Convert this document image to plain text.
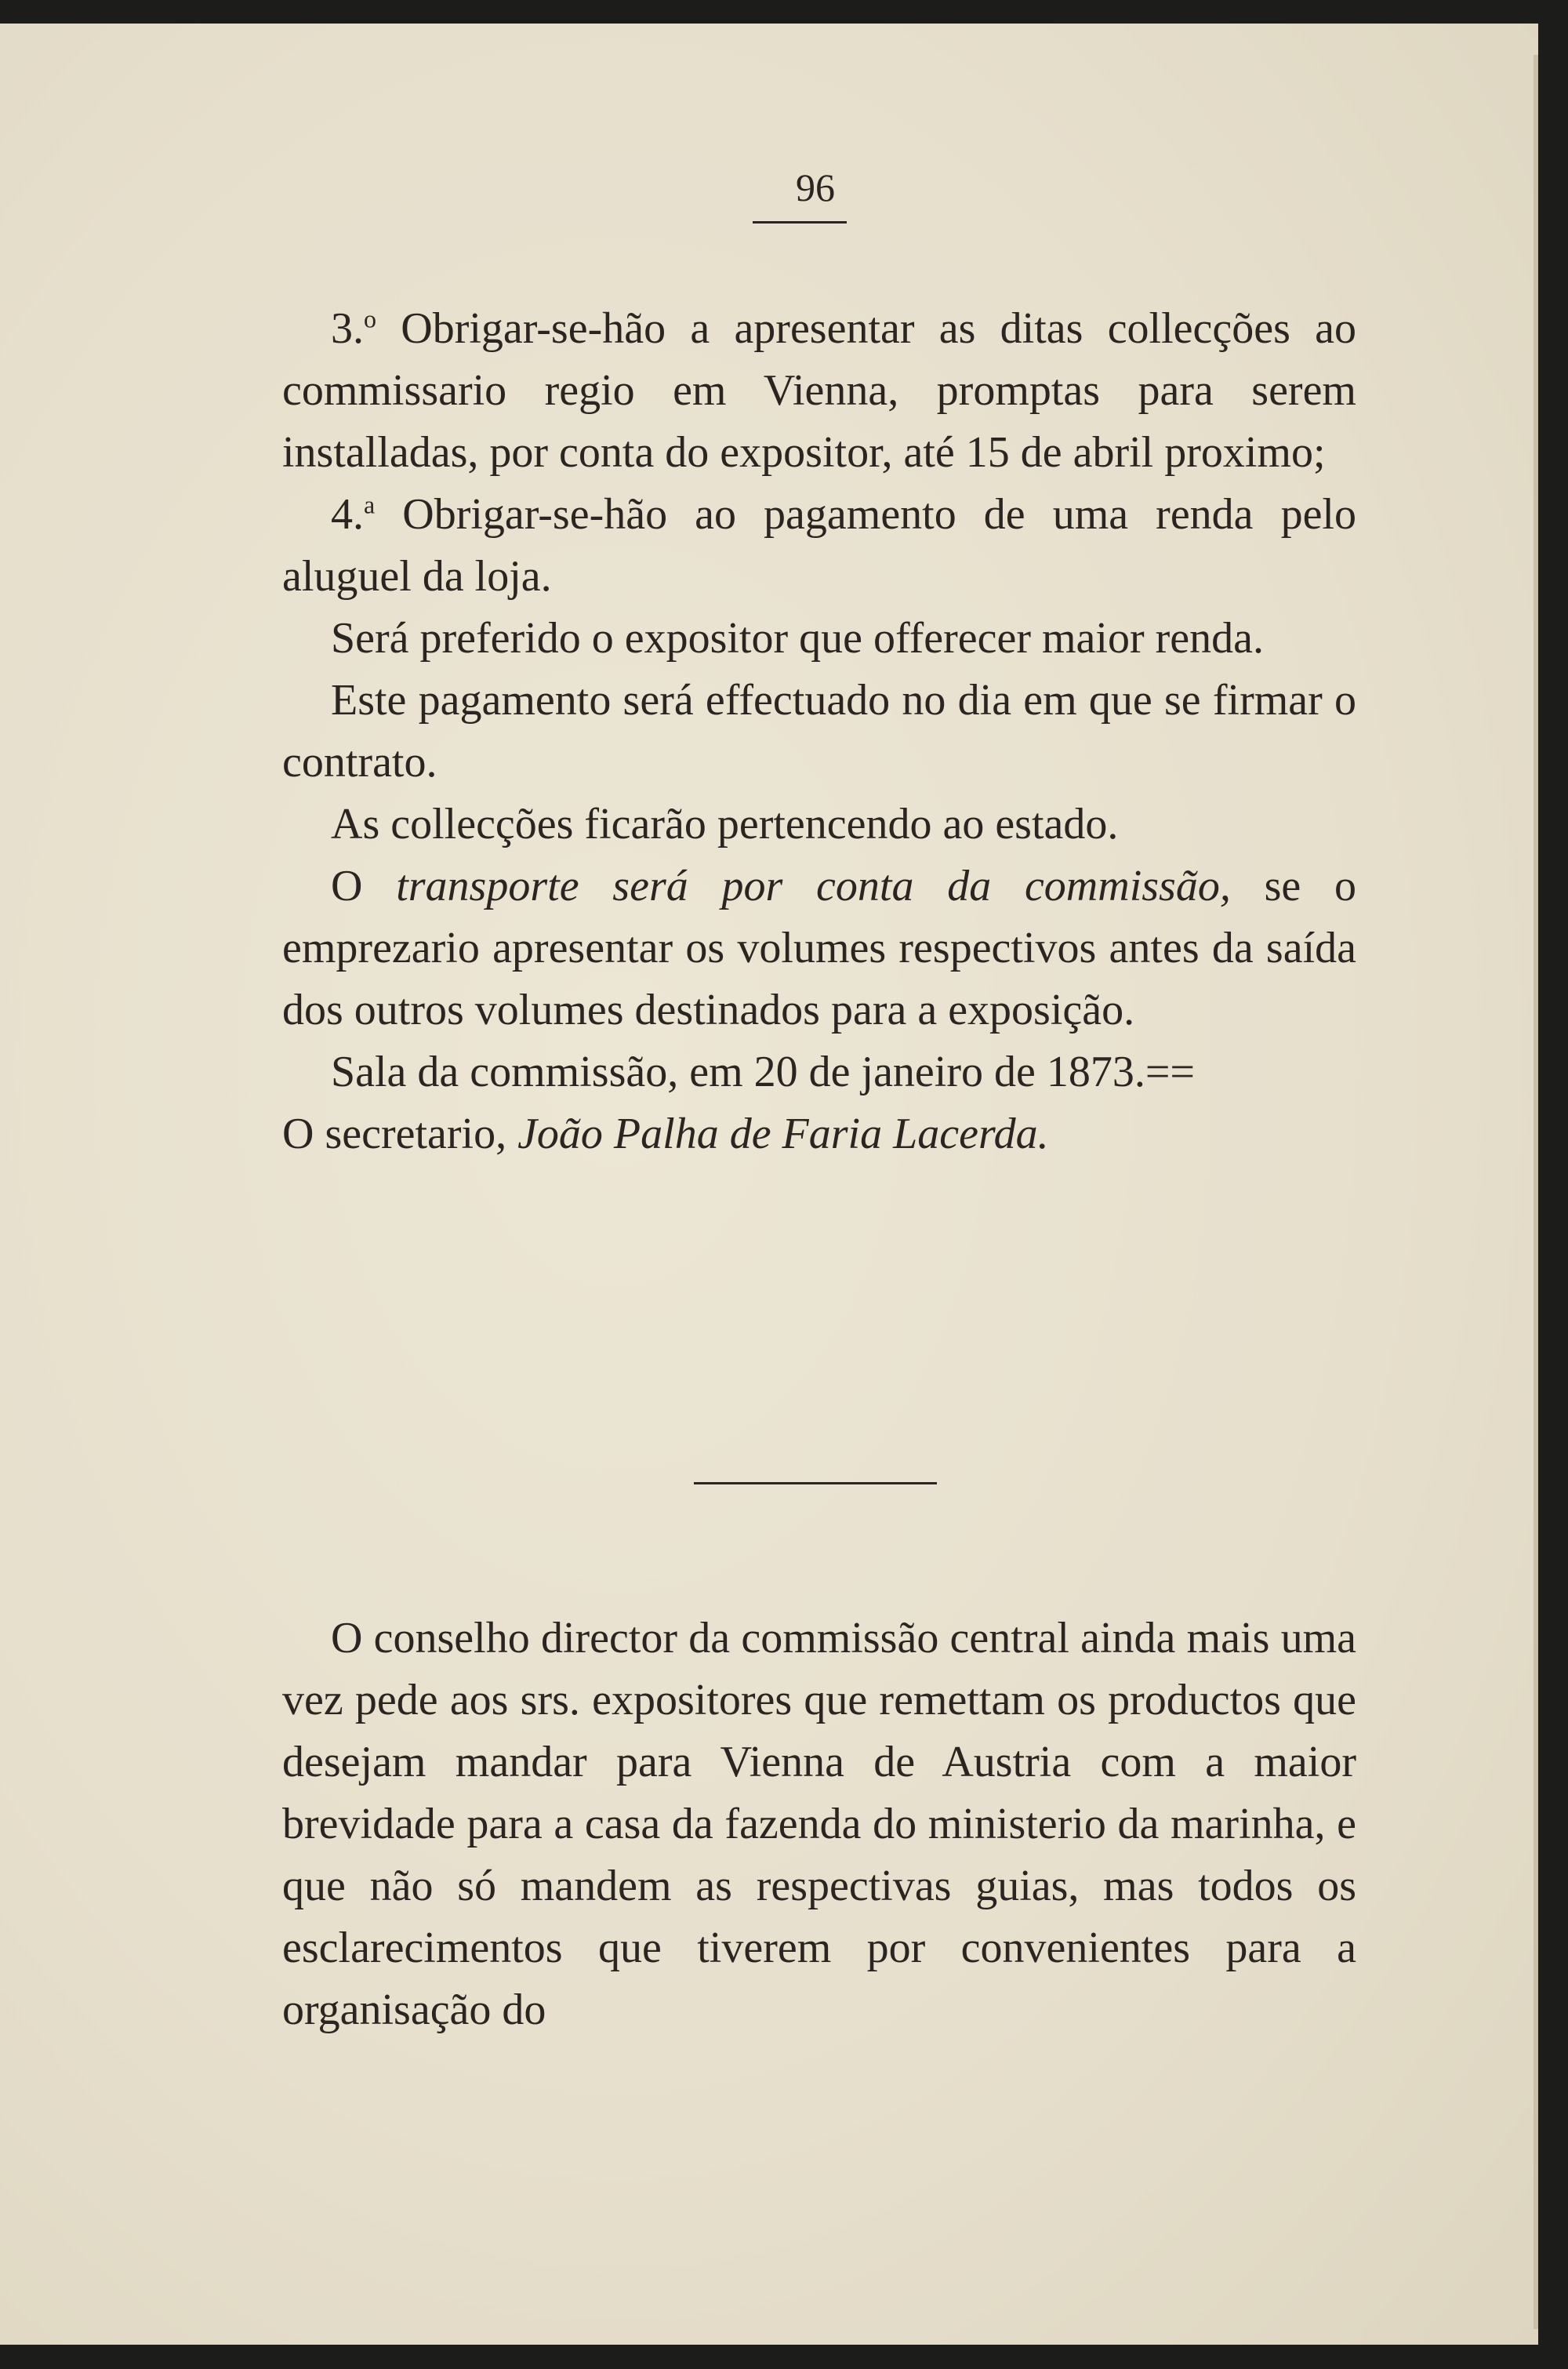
96

3.$^o$ Obrigar-se-hão a apresentar as ditas collecções ao commissario regio em Vienna, promptas para serem installadas, por conta do expositor, até 15 de abril proximo;

4.$^a$ Obrigar-se-hão ao pagamento de uma renda pelo aluguel da loja.

Será preferido o expositor que offerecer maior renda.

Este pagamento será effectuado no dia em que se firmar o contrato.

As collecções ficarão pertencendo ao estado.

O transporte será por conta da commissão, se o emprezario apresentar os volumes respectivos antes da saída dos outros volumes destinados para a exposição.

Sala da commissão, em 20 de janeiro de 1873.==

O secretario, João Palha de Faria Lacerda.

O conselho director da commissão central ainda mais uma vez pede aos srs. expositores que remettam os productos que desejam mandar para Vienna de Austria com a maior brevidade para a casa da fazenda do ministerio da marinha, e que não só mandem as respectivas guias, mas todos os esclarecimentos que tiverem por convenientes para a organisação do
